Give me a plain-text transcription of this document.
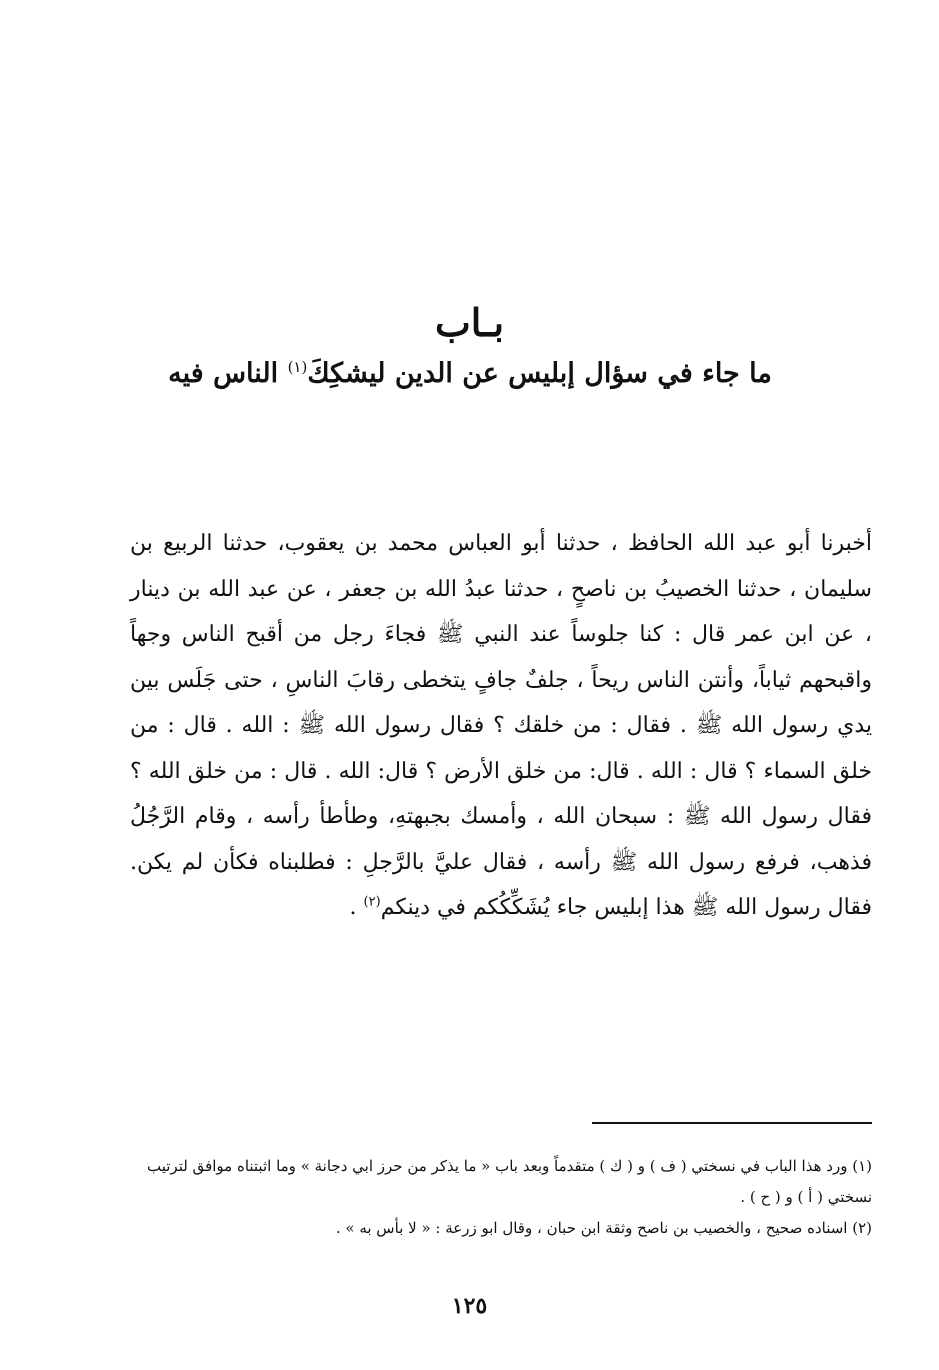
بـاب
ما جاء في سؤال إبليس عن الدين ليشكِكَ$^{(١)}$ الناس فيه
أخبرنا أبو عبد الله الحافظ ، حدثنا أبو العباس محمد بن يعقوب، حدثنا الربيع بن سليمان ، حدثنا الخصيبُ بن ناصحٍ ، حدثنا عبدُ الله بن جعفر ، عن عبد الله بن دينار ، عن ابن عمر قال : كنا جلوساً عند النبي ﷺ فجاءَ رجل من أقبح الناس وجهاً واقبحهم ثياباً، وأنتن الناس ريحاً ، جلفٌ جافٍ يتخطى رقابَ الناسِ ، حتى جَلَس بين يدي رسول الله ﷺ . فقال : من خلقك ؟ فقال رسول الله ﷺ : الله . قال : من خلق السماء ؟ قال : الله . قال: من خلق الأرض ؟ قال: الله . قال : من خلق الله ؟ فقال رسول الله ﷺ : سبحان الله ، وأمسك بجبهتهِ، وطأطأ رأسه ، وقام الرَّجُلُ فذهب، فرفع رسول الله ﷺ رأسه ، فقال عليَّ بالرَّجلِ : فطلبناه فكأن لم يكن. فقال رسول الله ﷺ هذا إبليس جاء يُشَكِّكُكم في دينكم$^{(٢)}$ .

(١) ورد هذا الباب في نسختي ( ف ) و ( ك ) متقدماً وبعد باب « ما يذكر من حرز ابي دجانة » وما اثبتناه موافق لترتيب نسختي ( أ ) و ( ح ) .

(٢) اسناده صحيح ، والخصيب بن ناصح وثقة ابن حبان ، وقال ابو زرعة : « لا بأس به » .

١٢٥
